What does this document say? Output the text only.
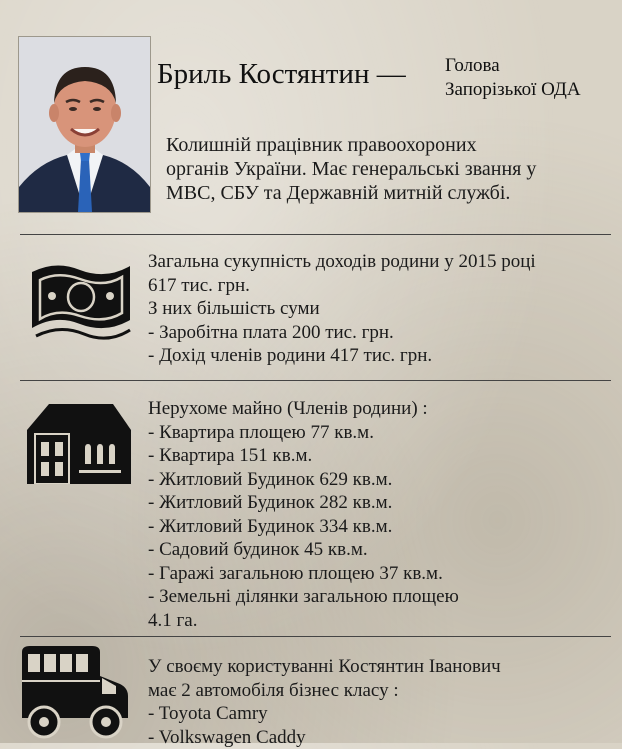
Бриль Костянтин — Голова
Запорізької ОДА
Колишній працівник правоохороних
органів України. Має генеральські звання у
МВС, СБУ та Державній митній службі.
Загальна сукупність доходів родини у 2015 році
617 тис. грн.
З них більшість суми
- Заробітна плата 200 тис. грн.
- Дохід членів родини 417 тис. грн.
Нерухоме майно (Членів родини) :
- Квартира площею 77 кв.м.
- Квартира 151 кв.м.
- Житловий Будинок 629 кв.м.
- Житловий Будинок 282 кв.м.
- Житловий Будинок 334 кв.м.
- Садовий будинок 45 кв.м.
- Гаражі загальною площею 37 кв.м.
- Земельні ділянки загальною площею
4.1 га.
У своєму користуванні Костянтин Іванович
має 2 автомобіля бізнес класу :
- Toyota Camry
- Volkswagen Caddy
